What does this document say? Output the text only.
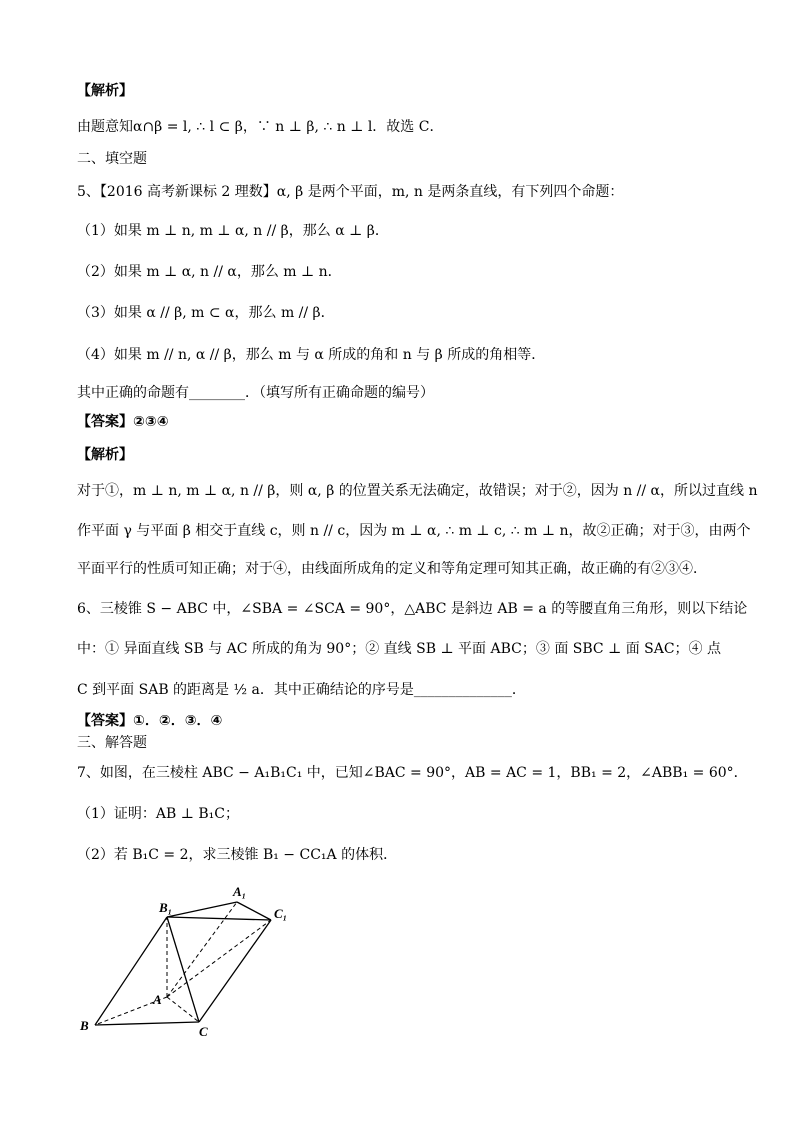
【解析】
由题意知α∩β = l, ∴ l ⊂ β，∵ n ⊥ β, ∴ n ⊥ l．故选 C．
二、填空题
5、【2016 高考新课标 2 理数】α, β 是两个平面，m, n 是两条直线，有下列四个命题：
（1）如果 m ⊥ n, m ⊥ α, n // β，那么 α ⊥ β．
（2）如果 m ⊥ α, n // α，那么 m ⊥ n．
（3）如果 α // β, m ⊂ α，那么 m // β．
（4）如果 m // n, α // β，那么 m 与 α 所成的角和 n 与 β 所成的角相等．
其中正确的命题有________．（填写所有正确命题的编号）
【答案】②③④
【解析】
对于①，m ⊥ n, m ⊥ α, n // β，则 α, β 的位置关系无法确定，故错误；对于②，因为 n // α，所以过直线 n
作平面 γ 与平面 β 相交于直线 c，则 n // c，因为 m ⊥ α, ∴ m ⊥ c, ∴ m ⊥ n，故②正确；对于③，由两个
平面平行的性质可知正确；对于④，由线面所成角的定义和等角定理可知其正确，故正确的有②③④．
6、三棱锥 S − ABC 中，∠SBA = ∠SCA = 90°，△ABC 是斜边 AB = a 的等腰直角三角形，则以下结论
中：① 异面直线 SB 与 AC 所成的角为 90°；② 直线 SB ⊥ 平面 ABC；③ 面 SBC ⊥ 面 SAC；④ 点
C 到平面 SAB 的距离是 ½ a．其中正确结论的序号是______________．
【答案】①．②．③．④
三、解答题
7、如图，在三棱柱 ABC − A₁B₁C₁ 中，已知∠BAC = 90°，AB = AC = 1，BB₁ = 2，∠ABB₁ = 60°．
（1）证明：AB ⊥ B₁C；
（2）若 B₁C = 2，求三棱锥 B₁ − CC₁A 的体积．
B₁
A₁
C₁
A
B	C
